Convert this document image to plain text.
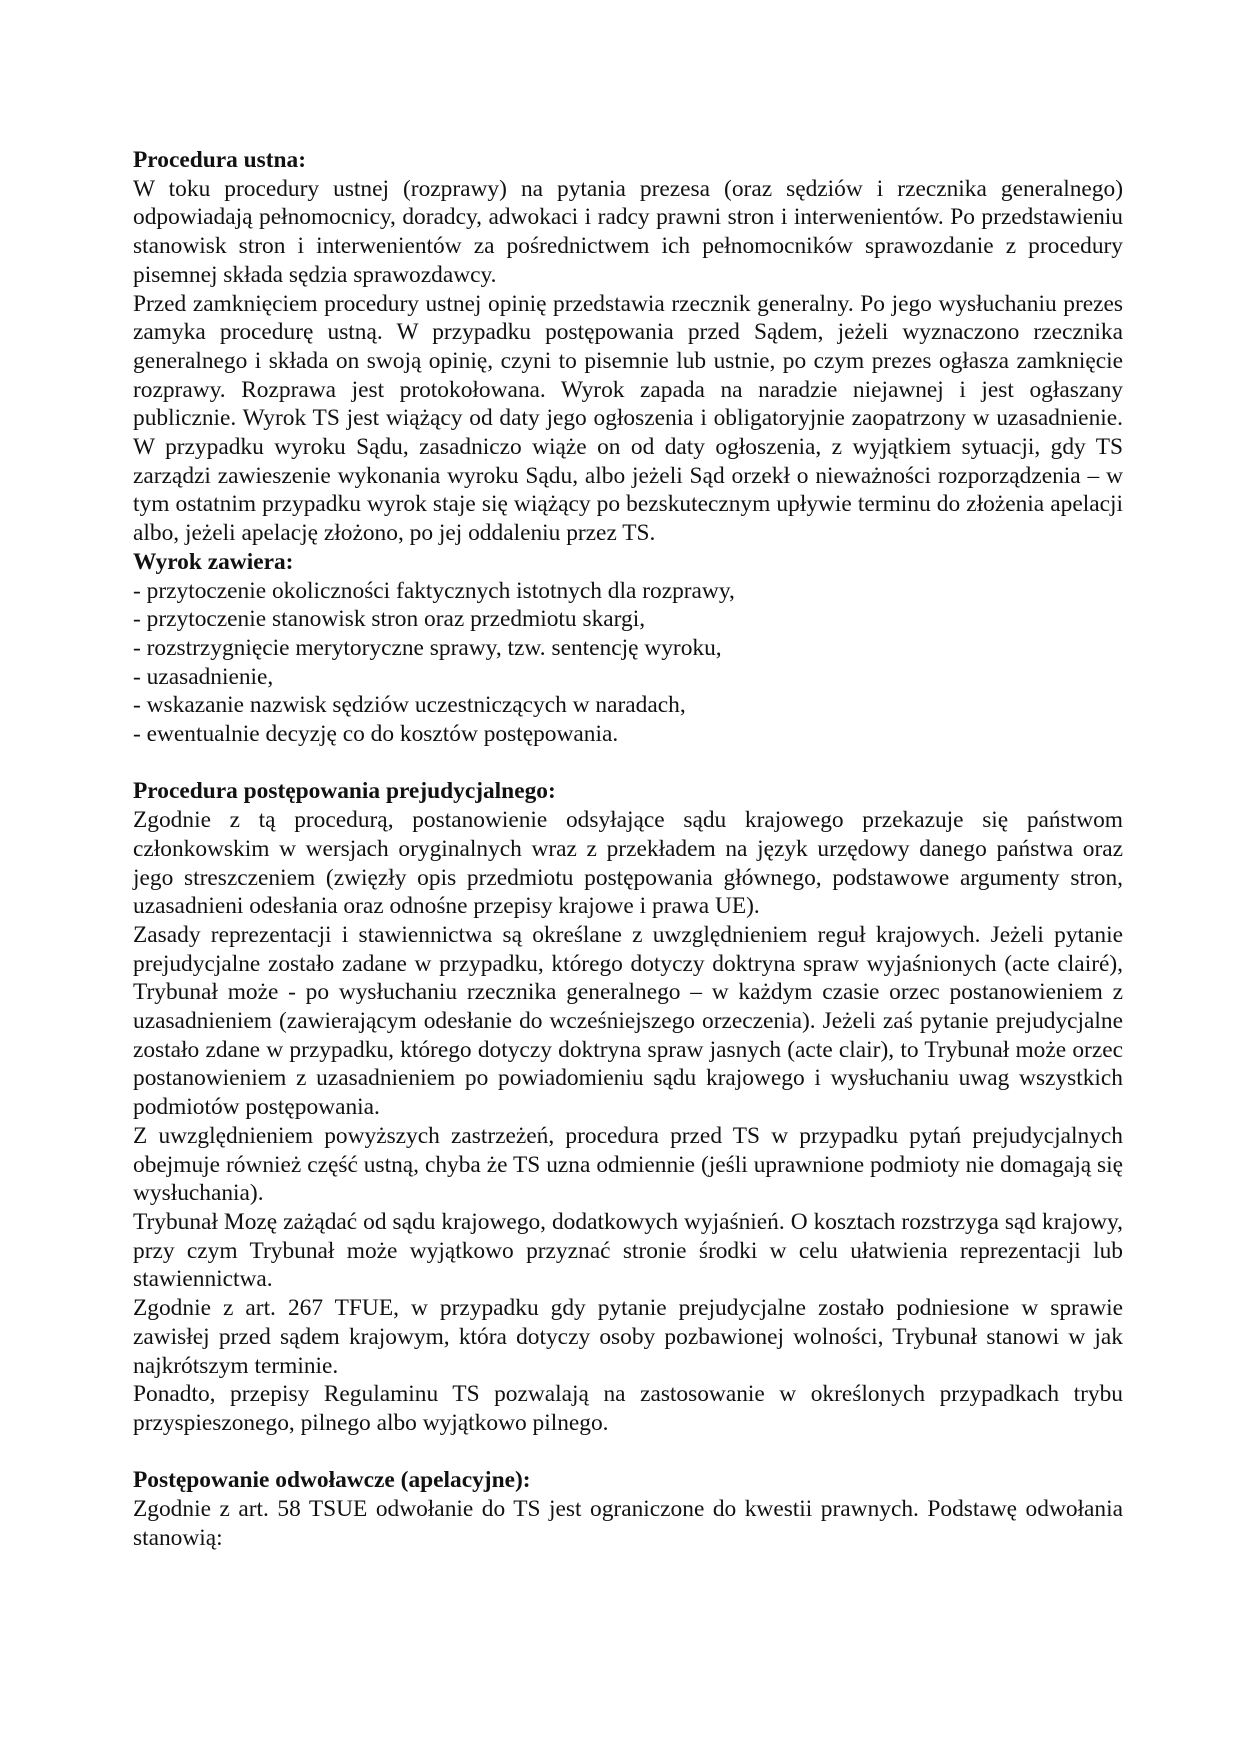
Procedura ustna:

W toku procedury ustnej (rozprawy) na pytania prezesa (oraz sędziów i rzecznika generalnego) odpowiadają pełnomocnicy, doradcy, adwokaci i radcy prawni stron i interwenientów. Po przedstawieniu stanowisk stron i interwenientów za pośrednictwem ich pełnomocników sprawozdanie z procedury pisemnej składa sędzia sprawozdawcy.

Przed zamknięciem procedury ustnej opinię przedstawia rzecznik generalny. Po jego wysłuchaniu prezes zamyka procedurę ustną. W przypadku postępowania przed Sądem, jeżeli wyznaczono rzecznika generalnego i składa on swoją opinię, czyni to pisemnie lub ustnie, po czym prezes ogłasza zamknięcie rozprawy. Rozprawa jest protokołowana. Wyrok zapada na naradzie niejawnej i jest ogłaszany publicznie. Wyrok TS jest wiążący od daty jego ogłoszenia i obligatoryjnie zaopatrzony w uzasadnienie. W przypadku wyroku Sądu, zasadniczo wiąże on od daty ogłoszenia, z wyjątkiem sytuacji, gdy TS zarządzi zawieszenie wykonania wyroku Sądu, albo jeżeli Sąd orzekł o nieważności rozporządzenia – w tym ostatnim przypadku wyrok staje się wiążący po bezskutecznym upływie terminu do złożenia apelacji albo, jeżeli apelację złożono, po jej oddaleniu przez TS.

Wyrok zawiera:

- przytoczenie okoliczności faktycznych istotnych dla rozprawy,
- przytoczenie stanowisk stron oraz przedmiotu skargi,
- rozstrzygnięcie merytoryczne sprawy, tzw. sentencję wyroku,
- uzasadnienie,
- wskazanie nazwisk sędziów uczestniczących w naradach,
- ewentualnie decyzję co do kosztów postępowania.

Procedura postępowania prejudycjalnego:

Zgodnie z tą procedurą, postanowienie odsyłające sądu krajowego przekazuje się państwom członkowskim w wersjach oryginalnych wraz z przekładem na język urzędowy danego państwa oraz jego streszczeniem (zwięzły opis przedmiotu postępowania głównego, podstawowe argumenty stron, uzasadnieni odesłania oraz odnośne przepisy krajowe i prawa UE).

Zasady reprezentacji i stawiennictwa są określane z uwzględnieniem reguł krajowych. Jeżeli pytanie prejudycjalne zostało zadane w przypadku, którego dotyczy doktryna spraw wyjaśnionych (acte clairé), Trybunał może - po wysłuchaniu rzecznika generalnego – w każdym czasie orzec postanowieniem z uzasadnieniem (zawierającym odesłanie do wcześniejszego orzeczenia). Jeżeli zaś pytanie prejudycjalne zostało zdane w przypadku, którego dotyczy doktryna spraw jasnych (acte clair), to Trybunał może orzec postanowieniem z uzasadnieniem po powiadomieniu sądu krajowego i wysłuchaniu uwag wszystkich podmiotów postępowania.

Z uwzględnieniem powyższych zastrzeżeń, procedura przed TS w przypadku pytań prejudycjalnych obejmuje również część ustną, chyba że TS uzna odmiennie (jeśli uprawnione podmioty nie domagają się wysłuchania).

Trybunał Mozę zażądać od sądu krajowego, dodatkowych wyjaśnień. O kosztach rozstrzyga sąd krajowy, przy czym Trybunał może wyjątkowo przyznać stronie środki w celu ułatwienia reprezentacji lub stawiennictwa.

Zgodnie z art. 267 TFUE, w przypadku gdy pytanie prejudycjalne zostało podniesione w sprawie zawisłej przed sądem krajowym, która dotyczy osoby pozbawionej wolności, Trybunał stanowi w jak najkrótszym terminie.

Ponadto, przepisy Regulaminu TS pozwalają na zastosowanie w określonych przypadkach trybu przyspieszonego, pilnego albo wyjątkowo pilnego.

Postępowanie odwoławcze (apelacyjne):

Zgodnie z art. 58 TSUE odwołanie do TS jest ograniczone do kwestii prawnych. Podstawę odwołania stanowią:
